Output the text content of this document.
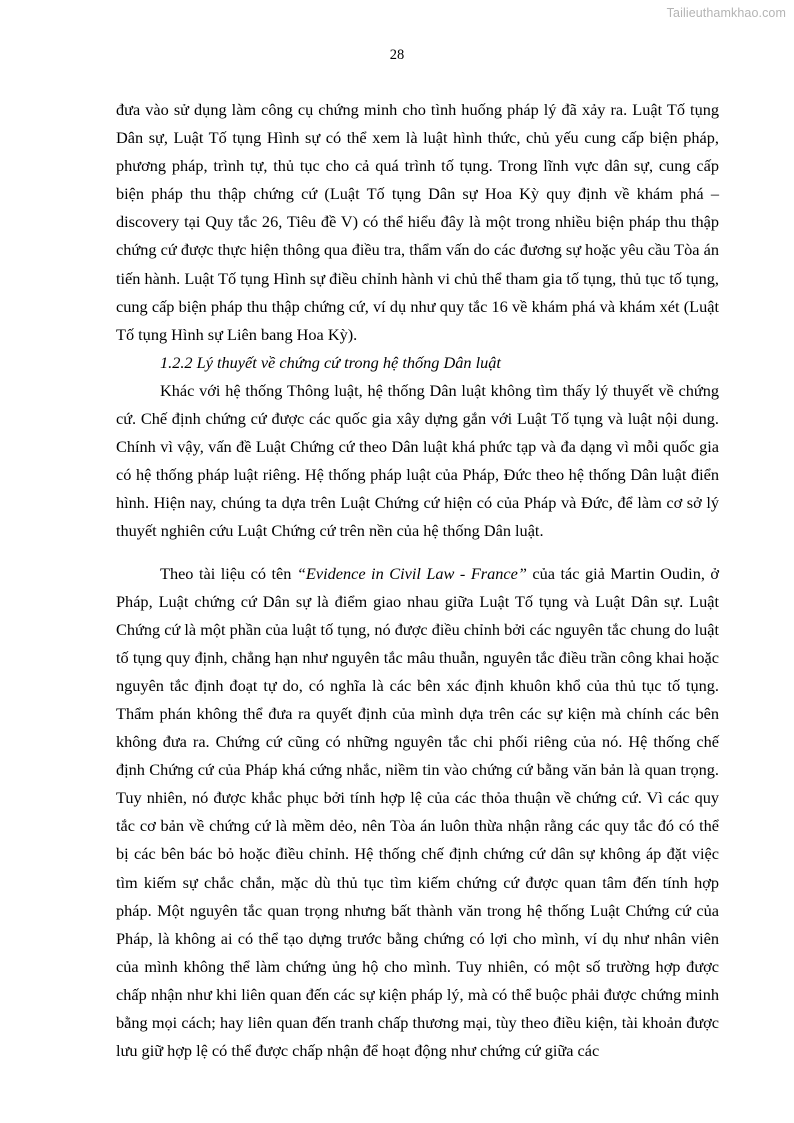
Tailieuthamkhao.com
28

đưa vào sử dụng làm công cụ chứng minh cho tình huống pháp lý đã xảy ra. Luật Tố tụng Dân sự, Luật Tố tụng Hình sự có thể xem là luật hình thức, chủ yếu cung cấp biện pháp, phương pháp, trình tự, thủ tục cho cả quá trình tố tụng. Trong lĩnh vực dân sự, cung cấp biện pháp thu thập chứng cứ (Luật Tố tụng Dân sự Hoa Kỳ quy định về khám phá – discovery tại Quy tắc 26, Tiêu đề V) có thể hiểu đây là một trong nhiều biện pháp thu thập chứng cứ được thực hiện thông qua điều tra, thẩm vấn do các đương sự hoặc yêu cầu Tòa án tiến hành. Luật Tố tụng Hình sự điều chỉnh hành vi chủ thể tham gia tố tụng, thủ tục tố tụng, cung cấp biện pháp thu thập chứng cứ, ví dụ như quy tắc 16 về khám phá và khám xét (Luật Tố tụng Hình sự Liên bang Hoa Kỳ).

1.2.2 Lý thuyết về chứng cứ trong hệ thống Dân luật

Khác với hệ thống Thông luật, hệ thống Dân luật không tìm thấy lý thuyết về chứng cứ. Chế định chứng cứ được các quốc gia xây dựng gắn với Luật Tố tụng và luật nội dung. Chính vì vậy, vấn đề Luật Chứng cứ theo Dân luật khá phức tạp và đa dạng vì mỗi quốc gia có hệ thống pháp luật riêng. Hệ thống pháp luật của Pháp, Đức theo hệ thống Dân luật điển hình. Hiện nay, chúng ta dựa trên Luật Chứng cứ hiện có của Pháp và Đức, để làm cơ sở lý thuyết nghiên cứu Luật Chứng cứ trên nền của hệ thống Dân luật.

Theo tài liệu có tên “Evidence in Civil Law - France” của tác giả Martin Oudin, ở Pháp, Luật chứng cứ Dân sự là điểm giao nhau giữa Luật Tố tụng và Luật Dân sự. Luật Chứng cứ là một phần của luật tố tụng, nó được điều chỉnh bởi các nguyên tắc chung do luật tố tụng quy định, chẳng hạn như nguyên tắc mâu thuẫn, nguyên tắc điều trần công khai hoặc nguyên tắc định đoạt tự do, có nghĩa là các bên xác định khuôn khổ của thủ tục tố tụng. Thẩm phán không thể đưa ra quyết định của mình dựa trên các sự kiện mà chính các bên không đưa ra. Chứng cứ cũng có những nguyên tắc chi phối riêng của nó. Hệ thống chế định Chứng cứ của Pháp khá cứng nhắc, niềm tin vào chứng cứ bằng văn bản là quan trọng. Tuy nhiên, nó được khắc phục bởi tính hợp lệ của các thỏa thuận về chứng cứ. Vì các quy tắc cơ bản về chứng cứ là mềm dẻo, nên Tòa án luôn thừa nhận rằng các quy tắc đó có thể bị các bên bác bỏ hoặc điều chỉnh. Hệ thống chế định chứng cứ dân sự không áp đặt việc tìm kiếm sự chắc chắn, mặc dù thủ tục tìm kiếm chứng cứ được quan tâm đến tính hợp pháp. Một nguyên tắc quan trọng nhưng bất thành văn trong hệ thống Luật Chứng cứ của Pháp, là không ai có thể tạo dựng trước bằng chứng có lợi cho mình, ví dụ như nhân viên của mình không thể làm chứng ủng hộ cho mình. Tuy nhiên, có một số trường hợp được chấp nhận như khi liên quan đến các sự kiện pháp lý, mà có thể buộc phải được chứng minh bằng mọi cách; hay liên quan đến tranh chấp thương mại, tùy theo điều kiện, tài khoản được lưu giữ hợp lệ có thể được chấp nhận để hoạt động như chứng cứ giữa các
